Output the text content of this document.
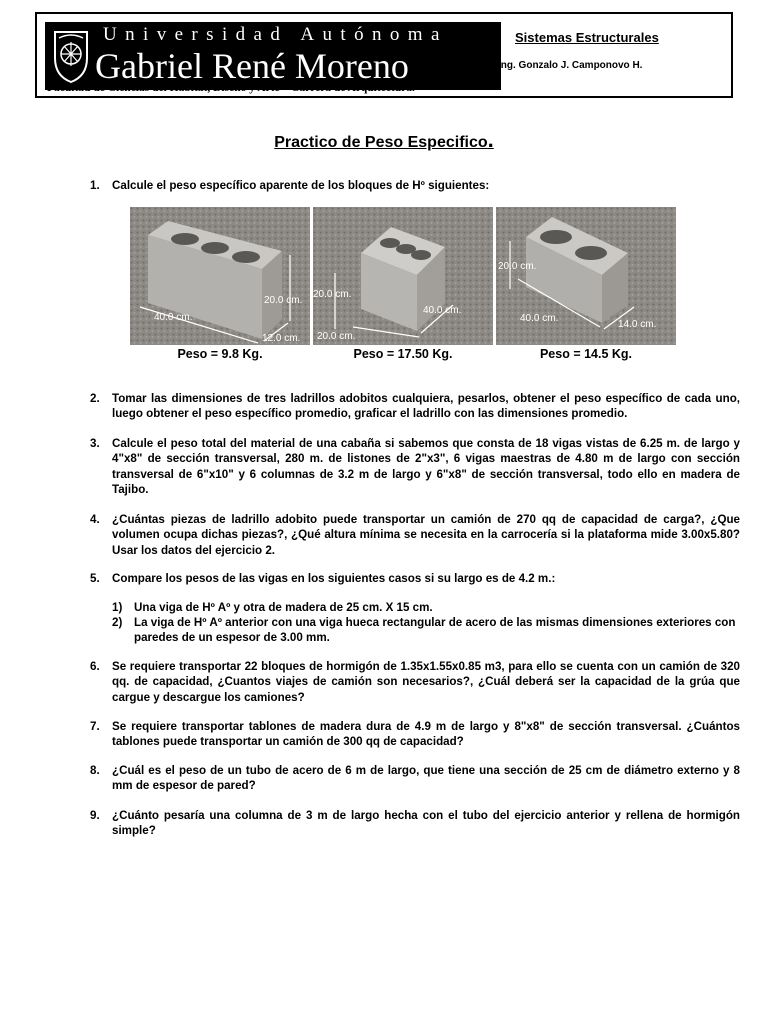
Universidad Autónoma
Gabriel René Moreno
Facultad de Ciencias del Hábitat, Diseño y Arte – Carrera de Arquitectura.
Sistemas Estructurales
Ing. Gonzalo J. Camponovo H.
Practico de Peso Especifico.
1. Calcule el peso específico aparente de los bloques de Hº siguientes:
40.0 cm.
20.0 cm.
12.0 cm.
40.0 cm.
20.0 cm.
20.0 cm.
40.0 cm.
20.0 cm.
14.0 cm.
Peso = 9.8 Kg.	Peso = 17.50 Kg.	Peso = 14.5 Kg.
2. Tomar las dimensiones de tres ladrillos adobitos cualquiera, pesarlos, obtener el peso específico de cada uno, luego obtener el peso específico promedio, graficar el ladrillo con las dimensiones promedio.
3. Calcule el peso total del material de una cabaña si sabemos que consta de 18 vigas vistas de 6.25 m. de largo y 4"x8" de sección transversal, 280 m. de listones de 2"x3", 6 vigas maestras de 4.80 m de largo con sección transversal de 6"x10" y 6 columnas de 3.2 m de largo y 6"x8" de sección transversal, todo ello en madera de Tajibo.
4. ¿Cuántas piezas de ladrillo adobito puede transportar un camión de 270 qq de capacidad de carga?, ¿Que volumen ocupa dichas piezas?, ¿Qué altura mínima se necesita en la carrocería si la plataforma mide 3.00x5.80? Usar los datos del ejercicio 2.
5. Compare los pesos de las vigas en los siguientes casos si su largo es de 4.2 m.:
1) Una viga de Hº Aº y otra de madera de 25 cm. X 15 cm.
2) La viga de Hº Aº anterior con una viga hueca rectangular de acero de las mismas dimensiones exteriores con paredes de un espesor de 3.00 mm.
6. Se requiere transportar 22 bloques de hormigón de 1.35x1.55x0.85 m3, para ello se cuenta con un camión de 320 qq. de capacidad, ¿Cuantos viajes de camión son necesarios?, ¿Cuál deberá ser la capacidad de la grúa que cargue y descargue los camiones?
7. Se requiere transportar tablones de madera dura de 4.9 m de largo y 8"x8" de sección transversal. ¿Cuántos tablones puede transportar un camión de 300 qq de capacidad?
8. ¿Cuál es el peso de un tubo de acero de 6 m de largo, que tiene una sección de 25 cm de diámetro externo y 8 mm de espesor de pared?
9. ¿Cuánto pesaría una columna de 3 m de largo hecha con el tubo del ejercicio anterior y rellena de hormigón simple?
